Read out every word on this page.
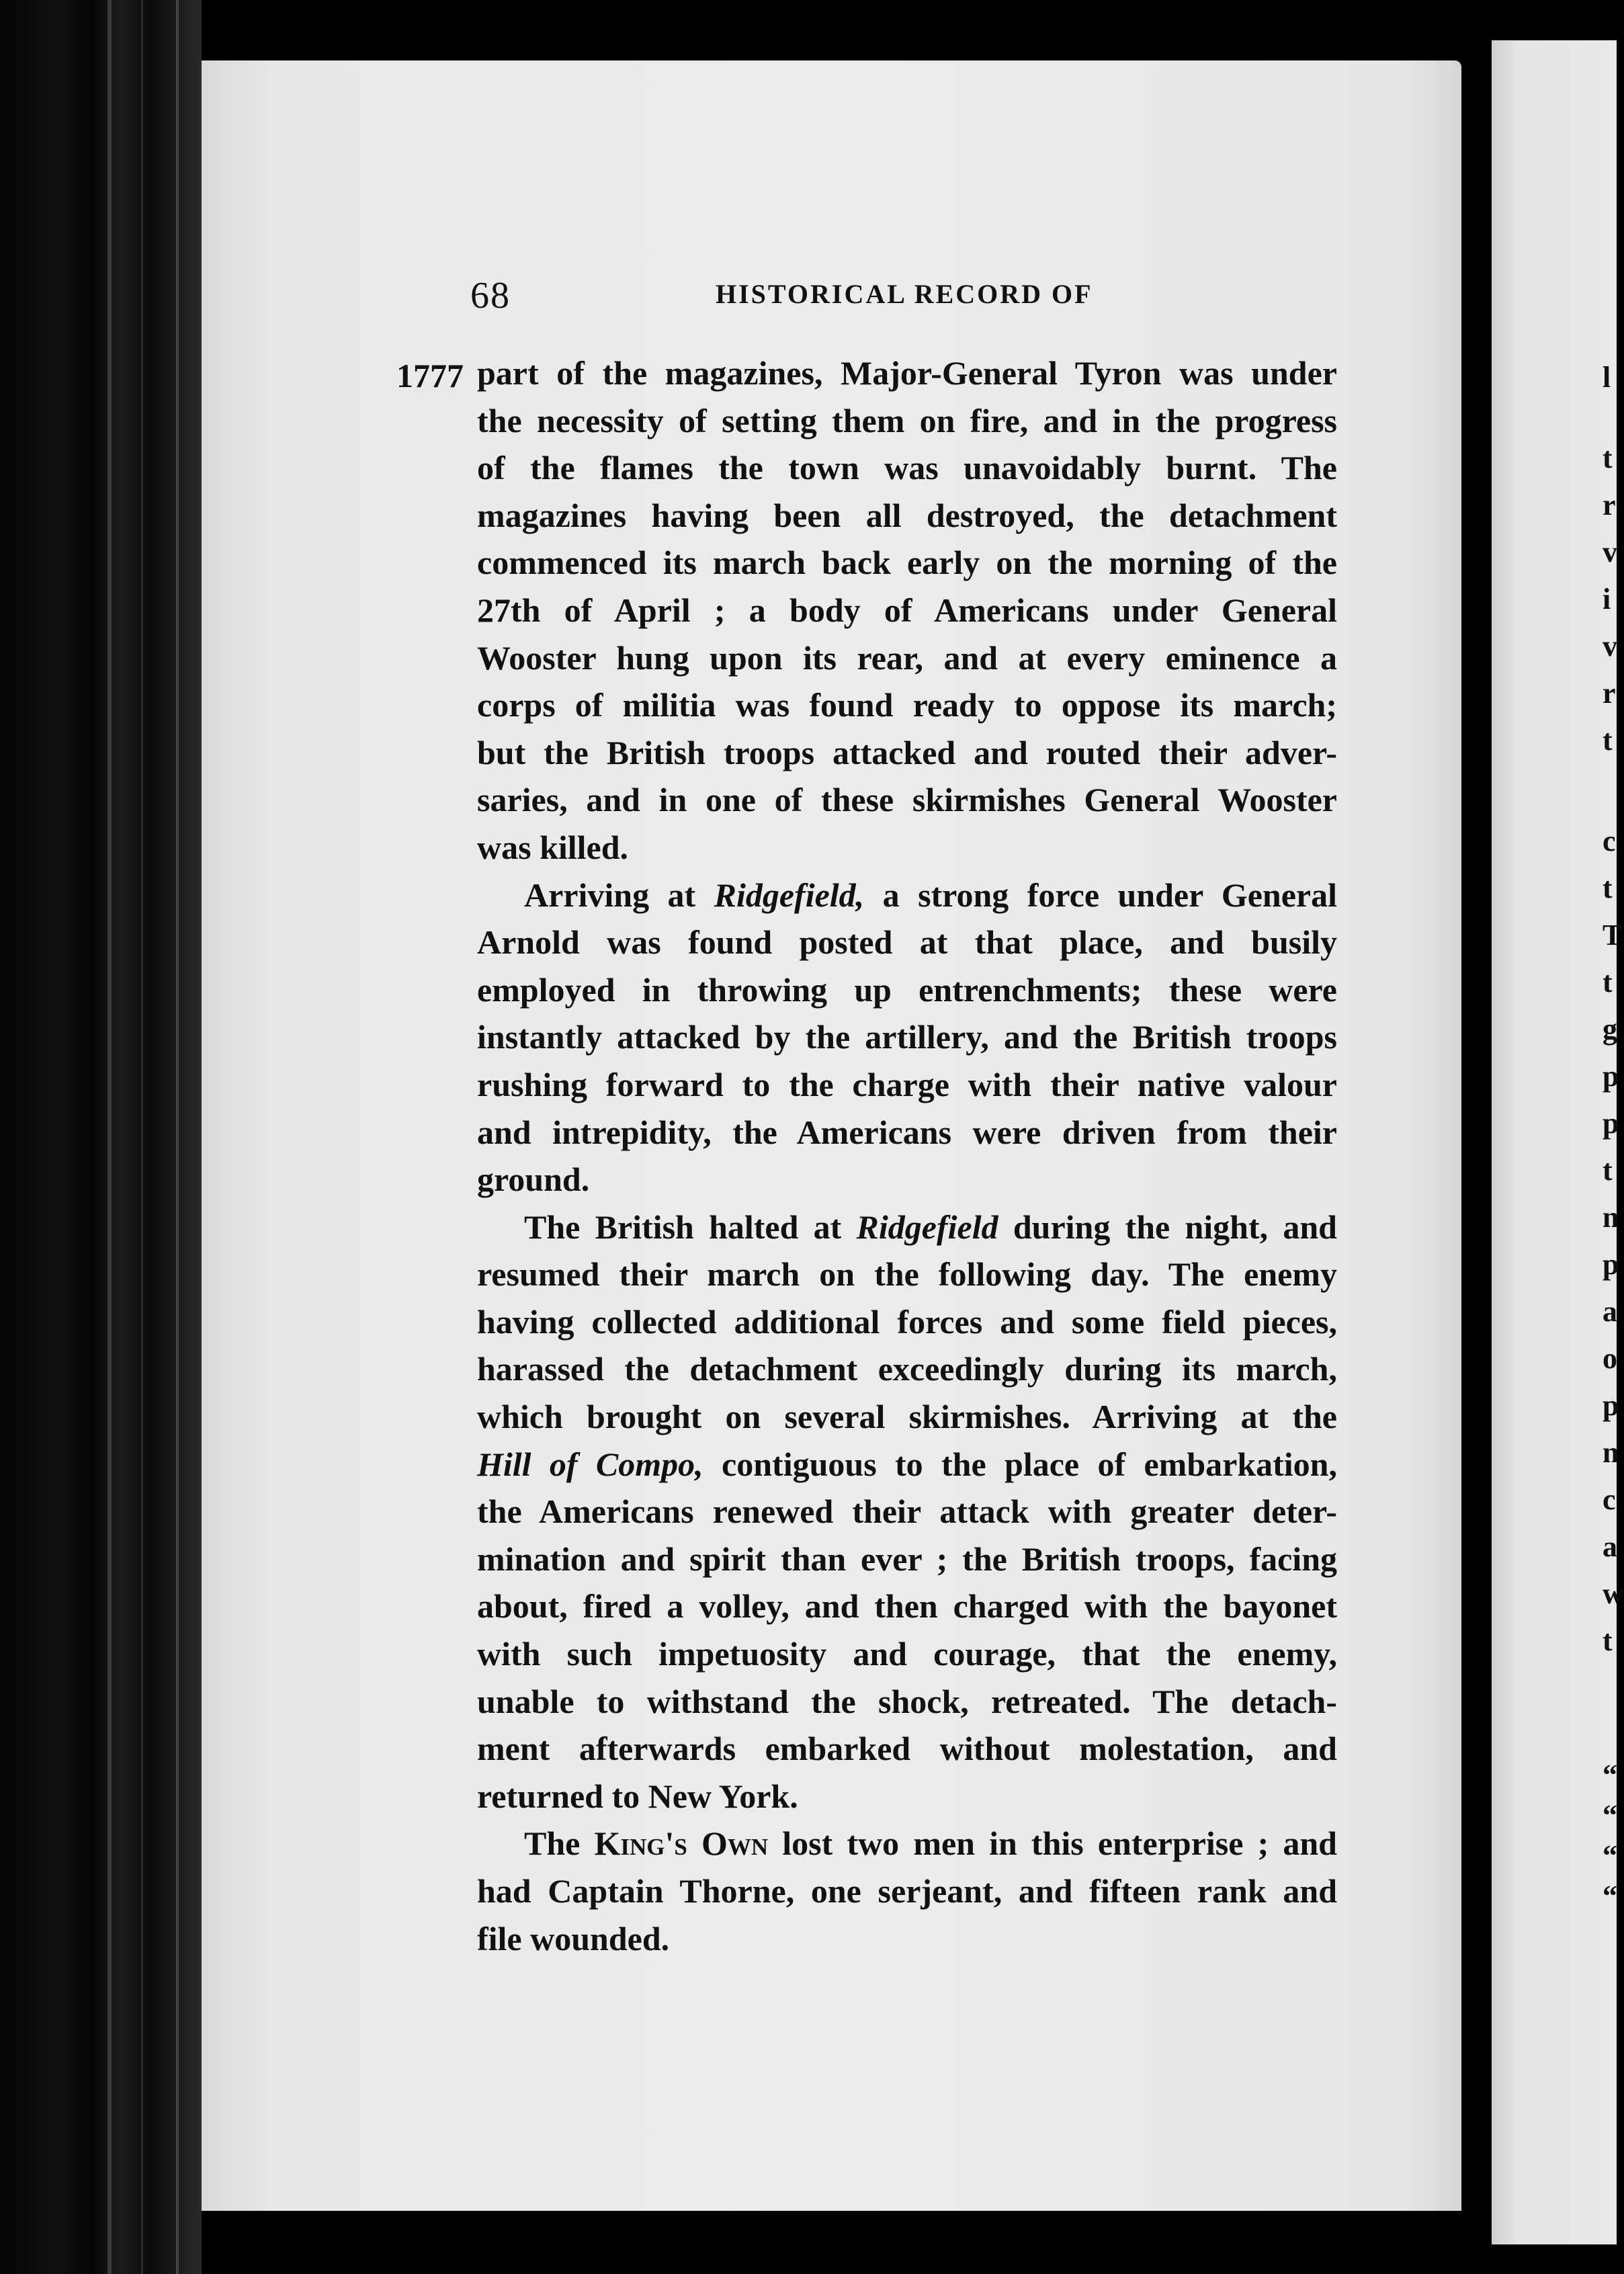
l
t
r
v
i
v
r
t
c
t
T
t
g
p
p
t
n
p
a
o
p
n
c
a
w
t
“
“
“
“
68	HISTORICAL RECORD OF
1777 part of the magazines, Major-General Tyron was under
the necessity of setting them on fire, and in the progress
of the flames the town was unavoidably burnt. The
magazines having been all destroyed, the detachment
commenced its march back early on the morning of the
27th of April ; a body of Americans under General
Wooster hung upon its rear, and at every eminence a
corps of militia was found ready to oppose its march;
but the British troops attacked and routed their adver-
saries, and in one of these skirmishes General Wooster
was killed.
Arriving at Ridgefield, a strong force under General
Arnold was found posted at that place, and busily
employed in throwing up entrenchments; these were
instantly attacked by the artillery, and the British troops
rushing forward to the charge with their native valour
and intrepidity, the Americans were driven from their
ground.
The British halted at Ridgefield during the night, and
resumed their march on the following day. The enemy
having collected additional forces and some field pieces,
harassed the detachment exceedingly during its march,
which brought on several skirmishes. Arriving at the
Hill of Compo, contiguous to the place of embarkation,
the Americans renewed their attack with greater deter-
mination and spirit than ever ; the British troops, facing
about, fired a volley, and then charged with the bayonet
with such impetuosity and courage, that the enemy,
unable to withstand the shock, retreated. The detach-
ment afterwards embarked without molestation, and
returned to New York.
The King's Own lost two men in this enterprise ; and
had Captain Thorne, one serjeant, and fifteen rank and
file wounded.
